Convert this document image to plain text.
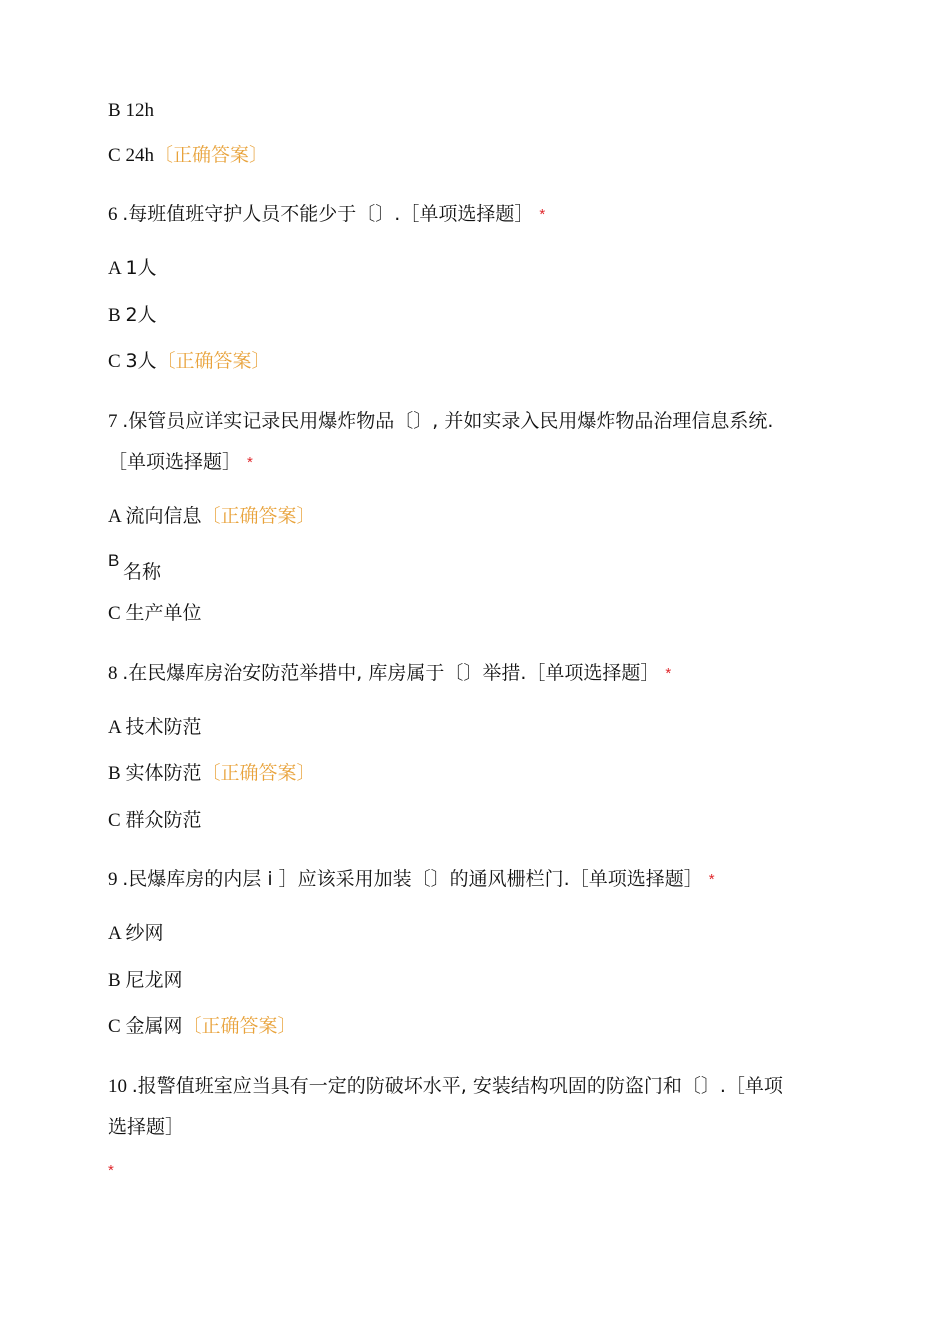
B 12h
C 24h〔正确答案〕
6 .每班值班守护人员不能少于〔〕.［单项选择题］ *
A 1人
B 2人
C 3人〔正确答案〕
7 .保管员应详实记录民用爆炸物品〔〕, 并如实录入民用爆炸物品治理信息系统.
［单项选择题］ *
A 流向信息〔正确答案〕
B
名称
C 生产单位
8 .在民爆库房治安防范举措中, 库房属于〔〕举措.［单项选择题］ *
A 技术防范
B 实体防范〔正确答案〕
C 群众防范
9 .民爆库房的内层 i ］应该采用加装〔〕的通风栅栏门.［单项选择题］ *
A 纱网
B 尼龙网
C 金属网〔正确答案〕
10 .报警值班室应当具有一定的防破坏水平, 安装结构巩固的防盗门和〔〕.［单项
选择题］
*
